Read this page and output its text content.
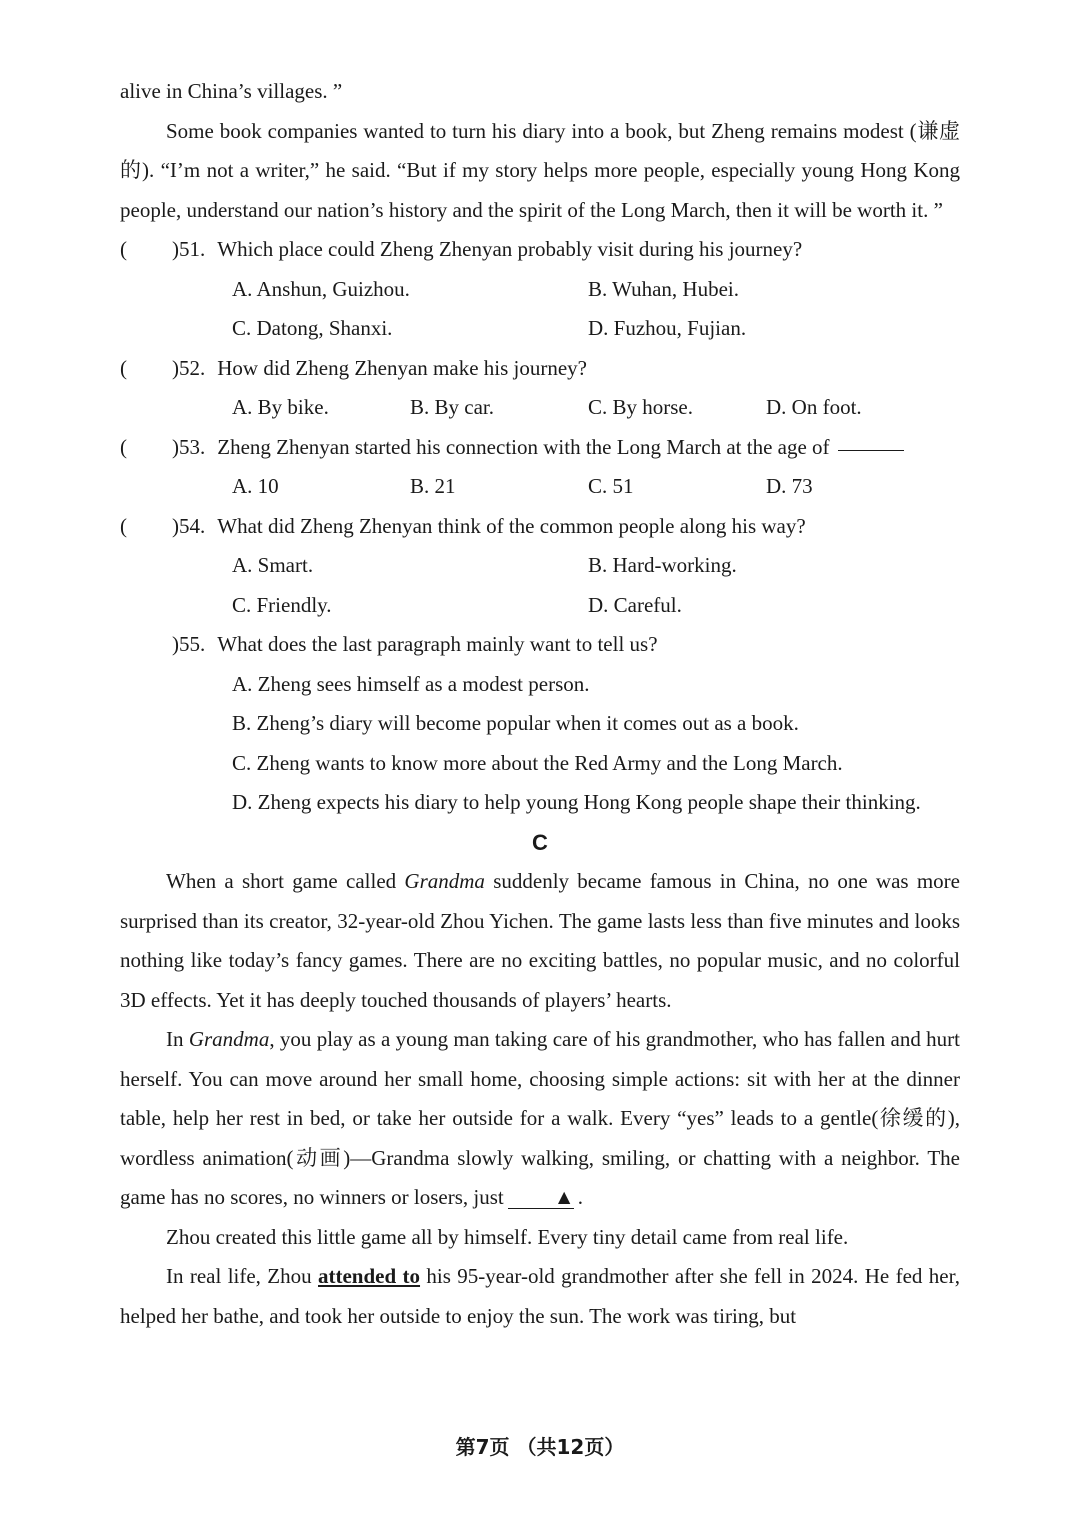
alive in China’s villages. ”

Some book companies wanted to turn his diary into a book, but Zheng remains modest (谦虚的). “I’m not a writer,” he said. “But if my story helps more people, especially young Hong Kong people, understand our nation’s history and the spirit of the Long March, then it will be worth it. ”

(	) 51. Which place could Zheng Zhenyan probably visit during his journey?
A. Anshun, Guizhou.	B. Wuhan, Hubei.
C. Datong, Shanxi.	D. Fuzhou, Fujian.
(	) 52. How did Zheng Zhenyan make his journey?
A. By bike.	B. By car.	C. By horse.	D. On foot.
(	) 53. Zheng Zhenyan started his connection with the Long March at the age of
A. 10	B. 21	C. 51	D. 73
(	) 54. What did Zheng Zhenyan think of the common people along his way?
A. Smart.	B. Hard-working.
C. Friendly.	D. Careful.
) 55. What does the last paragraph mainly want to tell us?

A. Zheng sees himself as a modest person.

B. Zheng’s diary will become popular when it comes out as a book.

C. Zheng wants to know more about the Red Army and the Long March.

D. Zheng expects his diary to help young Hong Kong people shape their thinking.

C

When a short game called Grandma suddenly became famous in China, no one was more surprised than its creator, 32-year-old Zhou Yichen. The game lasts less than five minutes and looks nothing like today’s fancy games. There are no exciting battles, no popular music, and no colorful 3D effects. Yet it has deeply touched thousands of players’ hearts.

In Grandma, you play as a young man taking care of his grandmother, who has fallen and hurt herself. You can move around her small home, choosing simple actions: sit with her at the dinner table, help her rest in bed, or take her outside for a walk. Every “yes” leads to a gentle(徐缓的), wordless animation(动画)—Grandma slowly walking, smiling, or chatting with a neighbor. The game has no scores, no winners or losers, just ▲ .

Zhou created this little game all by himself. Every tiny detail came from real life.

In real life, Zhou attended to his 95-year-old grandmother after she fell in 2024. He fed her, helped her bathe, and took her outside to enjoy the sun. The work was tiring, but

第7页 （共12页）
